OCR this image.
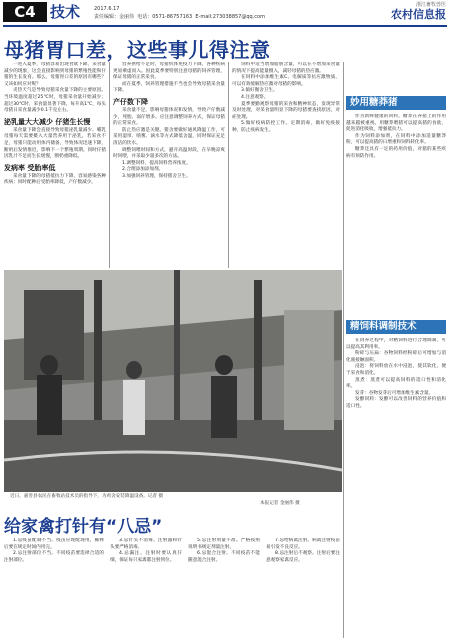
C4 技术	2017.6.17
责任编辑：金丽伟 电话：0571-86757163 E-mail:273038857@qq.com
浙江畜牧兽医
农村信息报
母猪胃口差，这些事儿得注意

一进入夏季，母猪容易出现食欲下降、采食量减少的现象，这会直接影响到母猪的繁殖性能和仔猪的生长发育。那么，母猪胃口差的原因有哪些？又该如何应对呢？

炎热天气是导致母猪采食量下降的主要原因。当环境温度超过25℃时，母猪采食量开始减少；超过30℃时，采食量显著下降，每升高1℃，每头母猪日采食量减少0.1千克左右。

泌乳量大大减少 仔猪生长慢

采食量下降会直接导致母猪泌乳量减少。哺乳母猪每天需要摄入大量营养用于泌乳，若采食不足，母猪只能动用体内储备，导致体况迅速下降，断奶后发情推迟，影响下一个繁殖周期。同时仔猪因乳汁不足而生长缓慢，断奶重降低。

发病率 受胎率低

采食量下降的母猪抵抗力下降，容易感染各种疾病；同时配种后受胎率降低，产仔数减少。

营养供给不足时，母猪机体免疫力下降，各种疾病更易乘虚而入。因此夏季要特别注意母猪的饲养管理，保证母猪的正常采食。

而在夏季，饲养管理措施不当也会导致母猪采食量下降。

产仔数下降

采食量不足，影响母猪体况和发情，导致产仔数减少，死胎、弱仔增多。应注意调整饲养方式，保证母猪的正常采食。

防止热应激是关键。猪舍要做好通风降温工作，可采用湿帘、喷雾、滴水等方式降低舍温，同时保证充足清洁的饮水。

调整饲喂时间和方式，避开高温时段，在早晚凉爽时饲喂，并采取少量多次的方法。

1.调整饲料，提高饲料营养浓度。

2.合理添加添加剂。

3.加强饲养管理，保持猪舍卫生。

饲料中适当增加脂肪含量，可以在不增加采食量的情况下提高能量摄入，减轻母猪的热应激。

在饲料中添加维生素C、电解质等抗应激物质，可以有效缓解热应激对母猪的影响。

3.搞好圈舍卫生。

4.注意观察。

夏季要勤观察母猪的采食和精神状态，发现异常及时处理，对采食量明显下降的母猪要查找原因，对症处理。

5.做好疫病防控工作。定期消毒，做好免疫接种，防止疫病发生。

近日，嘉善县农民在畜牧站技术员的指导下，为鸡舍安装降温设备。记者 摄
本报记者 金丽伟 摄
给家禽打针有“八忌”

1.忌疫苗配制不当。疫苗应现配现用，稀释后要在规定时间内用完。

2.忌注射部位不当。不同疫苗要选择合适的注射部位。

3.忌针头不消毒。注射器和针头要严格消毒。

4.忌漏注。注射时要认真仔细，保证每只家禽都注射到位。

5.忌注射剂量不准。严格按照说明书规定剂量注射。

6.忌混合注射。不同疫苗不能随意混合注射。

7.忌给病禽注射。病禽注射疫苗易引发不良反应。

8.忌注射后不观察。注射后要注意观察家禽反应。

妙用糖莽猪

作为新鲜健康的饲料，糖莽在养猪上的作用越来越被重视。用糖莽喂猪可以提高猪的食欲，促进消化吸收，增强抵抗力。

作为饲料添加剂，在饲料中添加适量糖莽粉，可以提高猪的日增重和饲料转化率。

糖莽还具有一定的药用价值，对猪的某些疾病有预防作用。

精饲料调制技术

在饲养过程中，对精饲料进行合理调制，可以提高其利用率。

粉碎与压扁：谷物饲料经粉碎后可增加与消化液接触面积。

浸泡：将饲料放在水中浸泡，使其软化，便于采食和消化。

蒸煮：蒸煮可以提高饲料的适口性和消化率。

发芽：谷物发芽后可增加维生素含量。

发酵饲料：发酵可以改善饲料的营养价值和适口性。
